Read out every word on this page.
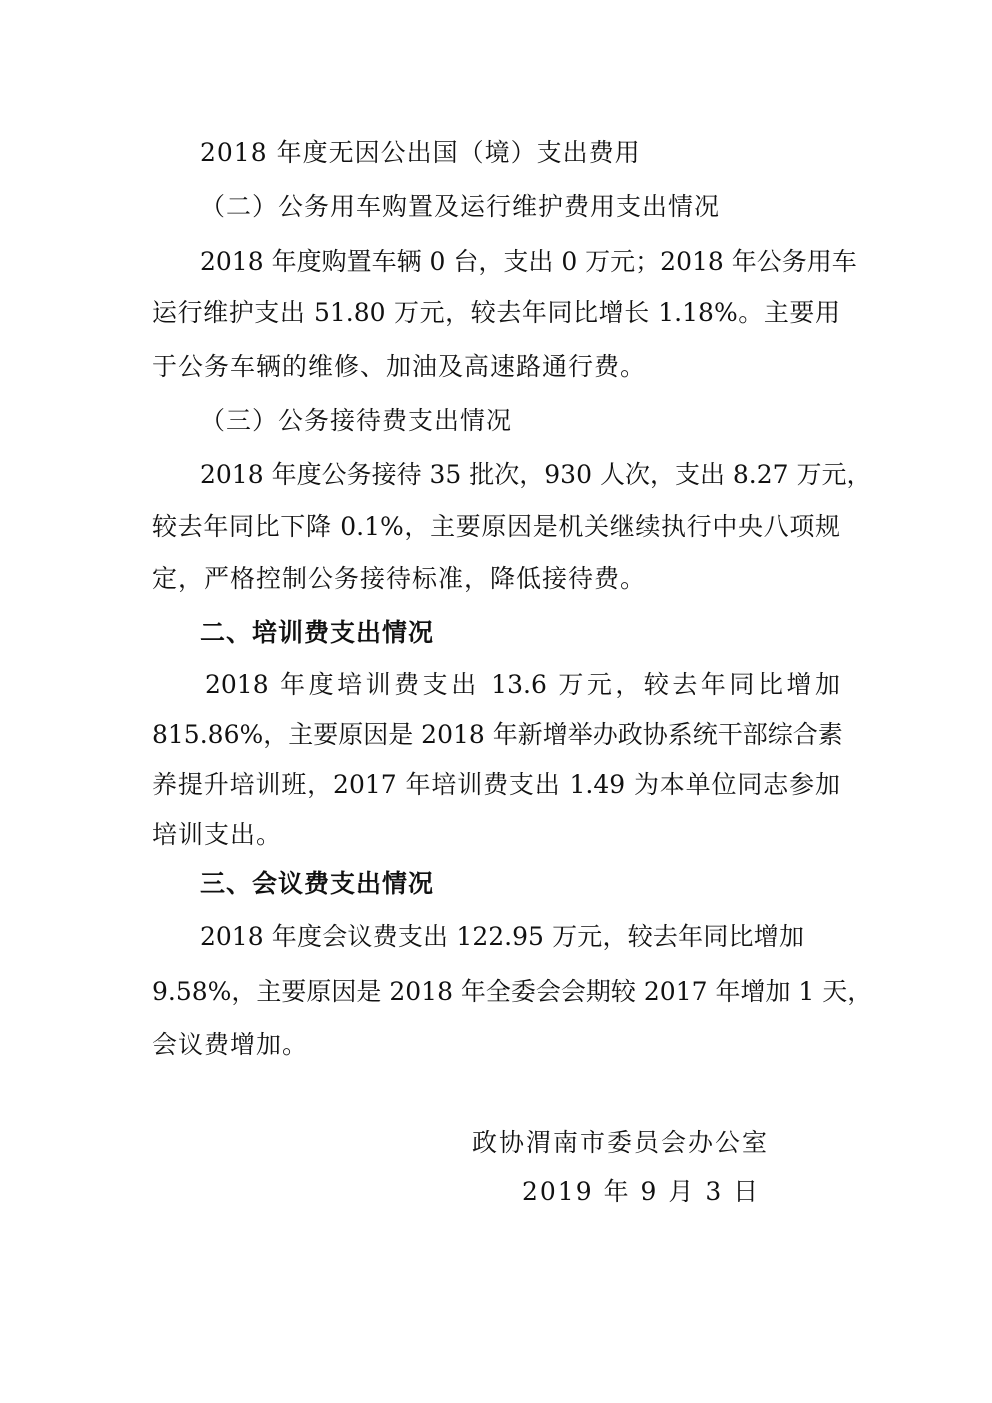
2018 年度无因公出国（境）支出费用
（二）公务用车购置及运行维护费用支出情况
2018 年度购置车辆 0 台，支出 0 万元；2018 年公务用车
运行维护支出 51.80 万元，较去年同比增长 1.18%。主要用
于公务车辆的维修、加油及高速路通行费。
（三）公务接待费支出情况
2018 年度公务接待 35 批次，930 人次，支出 8.27 万元，
较去年同比下降 0.1%，主要原因是机关继续执行中央八项规
定，严格控制公务接待标准，降低接待费。
二、培训费支出情况
2018 年度培训费支出 13.6 万元，较去年同比增加
815.86%，主要原因是 2018 年新增举办政协系统干部综合素
养提升培训班，2017 年培训费支出 1.49 为本单位同志参加
培训支出。
三、会议费支出情况
2018 年度会议费支出 122.95 万元，较去年同比增加
9.58%，主要原因是 2018 年全委会会期较 2017 年增加 1 天，
会议费增加。
政协渭南市委员会办公室
2019 年 9 月 3 日
